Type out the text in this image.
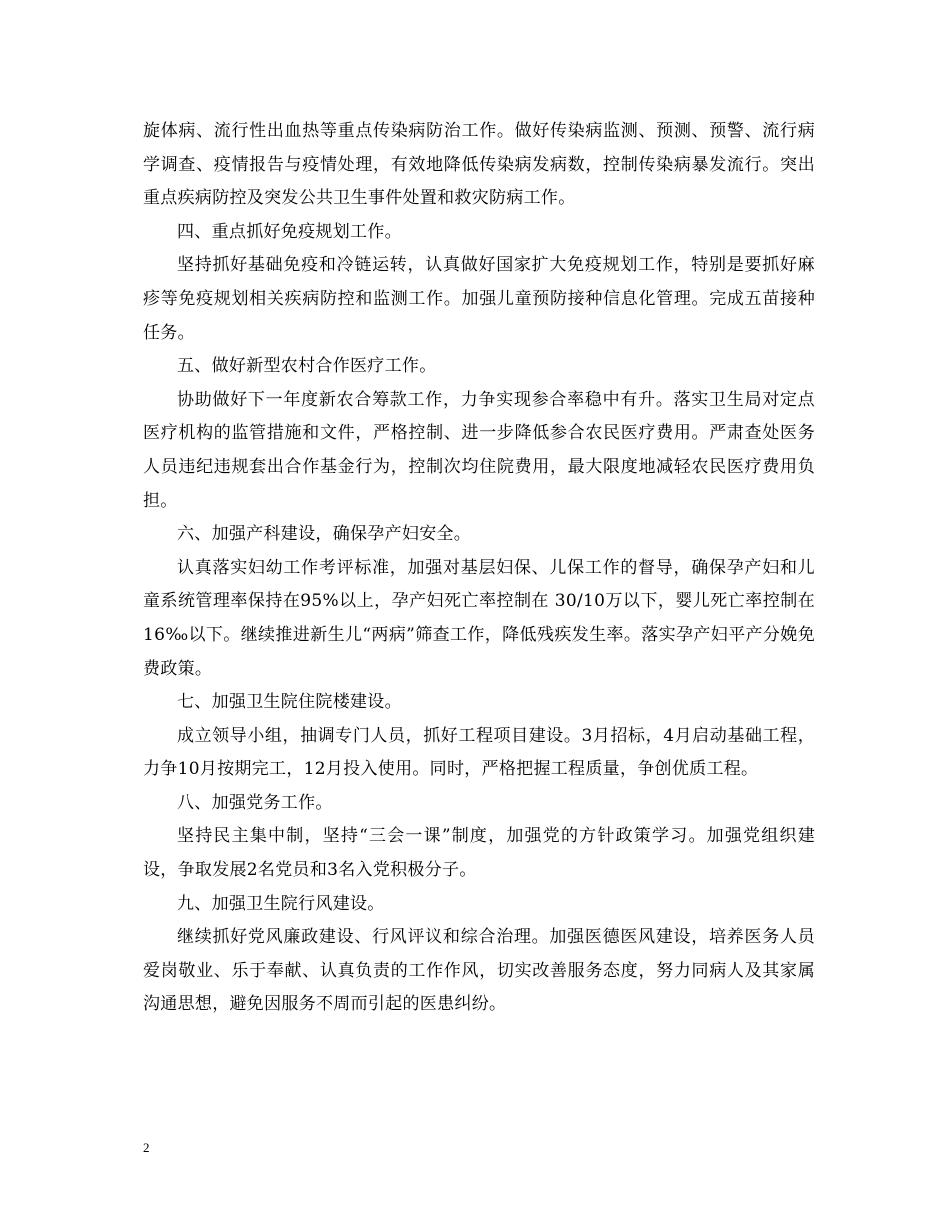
旋体病、流行性出血热等重点传染病防治工作。做好传染病监测、预测、预警、流行病学调查、疫情报告与疫情处理，有效地降低传染病发病数，控制传染病暴发流行。突出重点疾病防控及突发公共卫生事件处置和救灾防病工作。

四、重点抓好免疫规划工作。

坚持抓好基础免疫和冷链运转，认真做好国家扩大免疫规划工作，特别是要抓好麻疹等免疫规划相关疾病防控和监测工作。加强儿童预防接种信息化管理。完成五苗接种任务。

五、做好新型农村合作医疗工作。

协助做好下一年度新农合筹款工作，力争实现参合率稳中有升。落实卫生局对定点医疗机构的监管措施和文件，严格控制、进一步降低参合农民医疗费用。严肃查处医务人员违纪违规套出合作基金行为，控制次均住院费用，最大限度地减轻农民医疗费用负担。

六、加强产科建设，确保孕产妇安全。

认真落实妇幼工作考评标准，加强对基层妇保、儿保工作的督导，确保孕产妇和儿童系统管理率保持在95%以上，孕产妇死亡率控制在 30/10万以下，婴儿死亡率控制在16‰以下。继续推进新生儿“两病”筛查工作，降低残疾发生率。落实孕产妇平产分娩免费政策。

七、加强卫生院住院楼建设。

成立领导小组，抽调专门人员，抓好工程项目建设。3月招标，4月启动基础工程，力争10月按期完工，12月投入使用。同时，严格把握工程质量，争创优质工程。

八、加强党务工作。

坚持民主集中制，坚持“三会一课”制度，加强党的方针政策学习。加强党组织建设，争取发展2名党员和3名入党积极分子。

九、加强卫生院行风建设。

继续抓好党风廉政建设、行风评议和综合治理。加强医德医风建设，培养医务人员爱岗敬业、乐于奉献、认真负责的工作作风，切实改善服务态度，努力同病人及其家属沟通思想，避免因服务不周而引起的医患纠纷。

2
